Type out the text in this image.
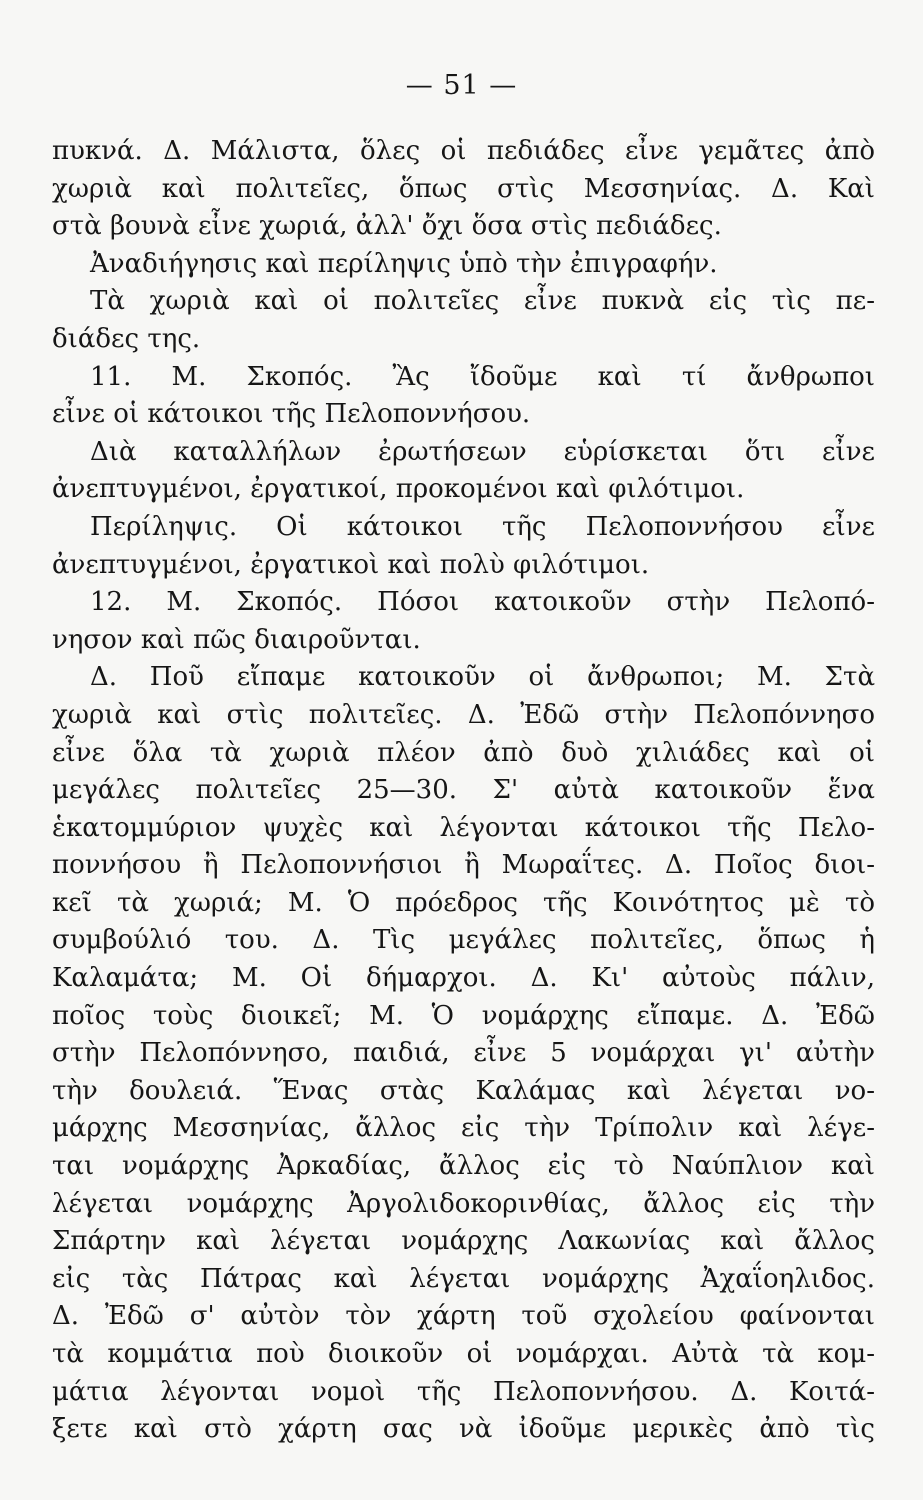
— 51 —
πυκνά. Δ. Μάλιστα, ὅλες οἱ πεδιάδες εἶνε γεμᾶτες ἀπὸ
χωριὰ καὶ πολιτεῖες, ὅπως στὶς Μεσσηνίας. Δ. Καὶ
στὰ βουνὰ εἶνε χωριά, ἀλλ' ὄχι ὅσα στὶς πεδιάδες.
Ἀναδιήγησις καὶ περίληψις ὑπὸ τὴν ἐπιγραφήν.
Τὰ χωριὰ καὶ οἱ πολιτεῖες εἶνε πυκνὰ εἰς τὶς πε-
διάδες της.
11. Μ. Σκοπός. Ἂς ἴδοῦμε καὶ τί ἄνθρωποι
εἶνε οἱ κάτοικοι τῆς Πελοποννήσου.
Διὰ καταλλήλων ἐρωτήσεων εὑρίσκεται ὅτι εἶνε
ἀνεπτυγμένοι, ἐργατικοί, προκομένοι καὶ φιλότιμοι.
Περίληψις. Οἱ κάτοικοι τῆς Πελοποννήσου εἶνε
ἀνεπτυγμένοι, ἐργατικοὶ καὶ πολὺ φιλότιμοι.
12. Μ. Σκοπός. Πόσοι κατοικοῦν στὴν Πελοπό-
νησον καὶ πῶς διαιροῦνται.
Δ. Ποῦ εἴπαμε κατοικοῦν οἱ ἄνθρωποι; Μ. Στὰ
χωριὰ καὶ στὶς πολιτεῖες. Δ. Ἐδῶ στὴν Πελοπόννησο
εἶνε ὅλα τὰ χωριὰ πλέον ἀπὸ δυὸ χιλιάδες καὶ οἱ
μεγάλες πολιτεῖες 25—30. Σ' αὐτὰ κατοικοῦν ἕνα
ἑκατομμύριον ψυχὲς καὶ λέγονται κάτοικοι τῆς Πελο-
ποννήσου ἢ Πελοποννήσιοι ἢ Μωραΐτες. Δ. Ποῖος διοι-
κεῖ τὰ χωριά; Μ. Ὁ πρόεδρος τῆς Κοινότητος μὲ τὸ
συμβούλιό του. Δ. Τὶς μεγάλες πολιτεῖες, ὅπως ἡ
Καλαμάτα; Μ. Οἱ δήμαρχοι. Δ. Κι' αὐτοὺς πάλιν,
ποῖος τοὺς διοικεῖ; Μ. Ὁ νομάρχης εἴπαμε. Δ. Ἐδῶ
στὴν Πελοπόννησο, παιδιά, εἶνε 5 νομάρχαι γι' αὐτὴν
τὴν δουλειά. Ἕνας στὰς Καλάμας καὶ λέγεται νο-
μάρχης Μεσσηνίας, ἄλλος εἰς τὴν Τρίπολιν καὶ λέγε-
ται νομάρχης Ἀρκαδίας, ἄλλος εἰς τὸ Ναύπλιον καὶ
λέγεται νομάρχης Ἀργολιδοκορινθίας, ἄλλος εἰς τὴν
Σπάρτην καὶ λέγεται νομάρχης Λακωνίας καὶ ἄλλος
εἰς τὰς Πάτρας καὶ λέγεται νομάρχης Ἀχαΐοηλιδος.
Δ. Ἐδῶ σ' αὐτὸν τὸν χάρτη τοῦ σχολείου φαίνονται
τὰ κομμάτια ποὺ διοικοῦν οἱ νομάρχαι. Αὐτὰ τὰ κομ-
μάτια λέγονται νομοὶ τῆς Πελοποννήσου. Δ. Κοιτά-
ξετε καὶ στὸ χάρτη σας νὰ ἰδοῦμε μερικὲς ἀπὸ τὶς
